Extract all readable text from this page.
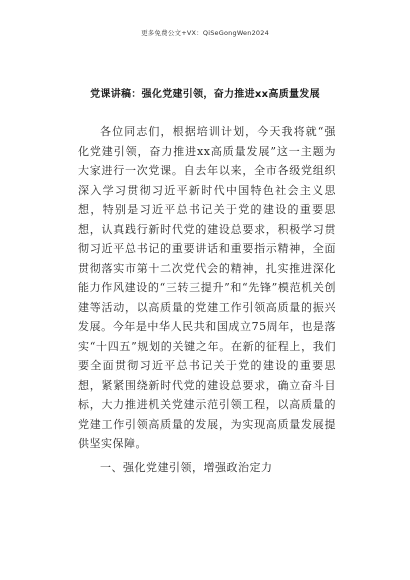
更多免费公文+VX：QiSeGongWen2024
党课讲稿：强化党建引领，奋力推进xx高质量发展

各位同志们，根据培训计划，今天我将就“强化党建引领，奋力推进xx高质量发展”这一主题为大家进行一次党课。自去年以来，全市各级党组织深入学习贯彻习近平新时代中国特色社会主义思想，特别是习近平总书记关于党的建设的重要思想，认真践行新时代党的建设总要求，积极学习贯彻习近平总书记的重要讲话和重要指示精神，全面贯彻落实市第十二次党代会的精神，扎实推进深化能力作风建设的“三转三提升”和“先锋”模范机关创建等活动，以高质量的党建工作引领高质量的振兴发展。今年是中华人民共和国成立75周年，也是落实“十四五”规划的关键之年。在新的征程上，我们要全面贯彻习近平总书记关于党的建设的重要思想，紧紧围绕新时代党的建设总要求，确立奋斗目标，大力推进机关党建示范引领工程，以高质量的党建工作引领高质量的发展，为实现高质量发展提供坚实保障。

一、强化党建引领，增强政治定力
